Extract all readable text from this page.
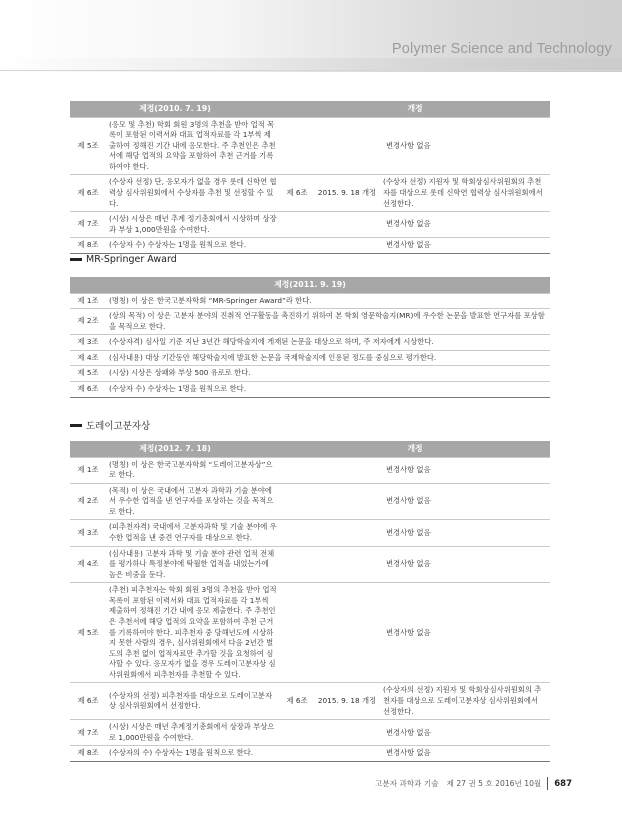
Polymer Science and Technology
제정(2010. 7. 19)		개정		
제 5조	(응모 및 추천) 학회 회원 3명의 추천을 받아 업적 목록이 포함된 이력서와 대표 업적자료를 각 1부씩 제출하여 정해진 기간 내에 응모한다. 주 추천인은 추천서에 해당 업적의 요약을 포함하여 추천 근거를 기록하여야 한다.	변경사항 없음		
제 6조	(수상자 선정) 단, 응모자가 없을 경우 롯데 신학연 협력상 심사위원회에서 수상자를 추천 및 선정할 수 있다.	제 6조	2015. 9. 18 개정	(수상자 선정) 지원자 및 학회상심사위원회의 추천자를 대상으로 롯데 신학연 협력상 심사위원회에서 선정한다.
제 7조	(시상) 시상은 매년 추계 정기총회에서 시상하며 상장과 부상 1,000만원을 수여한다.	변경사항 없음		
제 8조	(수상자 수) 수상자는 1명을 원칙으로 한다.	변경사항 없음		
MR-Springer Award
제정(2011. 9. 19)	
제 1조	(명칭) 이 상은 한국고분자학회 “MR-Springer Award”라 한다.
제 2조	(상의 목적) 이 상은 고분자 분야의 진취적 연구활동을 촉진하기 위하여 본 학회 영문학술지(MR)에 우수한 논문을 발표한 연구자를 포상함을 목적으로 한다.
제 3조	(수상자격) 심사일 기준 지난 3년간 해당학술지에 게재된 논문을 대상으로 하며, 주 저자에게 시상한다.
제 4조	(심사내용) 대상 기간동안 해당학술지에 발표한 논문을 국제학술지에 인용된 정도를 중심으로 평가한다.
제 5조	(시상) 시상은 상패와 부상 500 유로로 한다.
제 6조	(수상자 수) 수상자는 1명을 원칙으로 한다.
도레이고분자상
제정(2012. 7. 18)		개정		
제 1조	(명칭) 이 상은 한국고분자학회 “도레이고분자상”으로 한다.	변경사항 없음		
제 2조	(목적) 이 상은 국내에서 고분자 과학과 기술 분야에서 우수한 업적을 낸 연구자를 포상하는 것을 목적으로 한다.	변경사항 없음		
제 3조	(피추천자격) 국내에서 고분자과학 및 기술 분야에 우수한 업적을 낸 중견 연구자를 대상으로 한다.	변경사항 없음		
제 4조	(심사내용) 고분자 과학 및 기술 분야 관련 업적 전체를 평가하나 특정분야에 탁월한 업적을 내었는가에 높은 비중을 둔다.	변경사항 없음		
제 5조	(추천) 피추천자는 학회 회원 3명의 추천을 받아 업적 목록이 포함된 이력서와 대표 업적자료를 각 1부씩 제출하여 정해진 기간 내에 응모 제출한다. 주 추천인은 추천서에 해당 업적의 요약을 포함하여 추천 근거를 기록하여야 한다. 피추천자 중 당해년도에 시상하지 못한 사람의 경우, 심사위원회에서 다음 2년간 별도의 추천 없이 업적자료만 추가할 것을 요청하여 심사할 수 있다. 응모자가 없을 경우 도레이고분자상 심사위원회에서 피추천자를 추천할 수 있다.	변경사항 없음		
제 6조	(수상자의 선정) 피추천자를 대상으로 도레이고분자상 심사위원회에서 선정한다.	제 6조	2015. 9. 18 개정	(수상자의 선정) 지원자 및 학회상심사위원회의 추천자를 대상으로 도레이고분자상 심사위원회에서 선정한다.
제 7조	(시상) 시상은 매년 추계정기총회에서 상장과 부상으로 1,000만원을 수여한다.	변경사항 없음		
제 8조	(수상자의 수) 수상자는 1명을 원칙으로 한다.	변경사항 없음		
고분자 과학과 기술 제 27 권 5 호 2016년 10월 687
